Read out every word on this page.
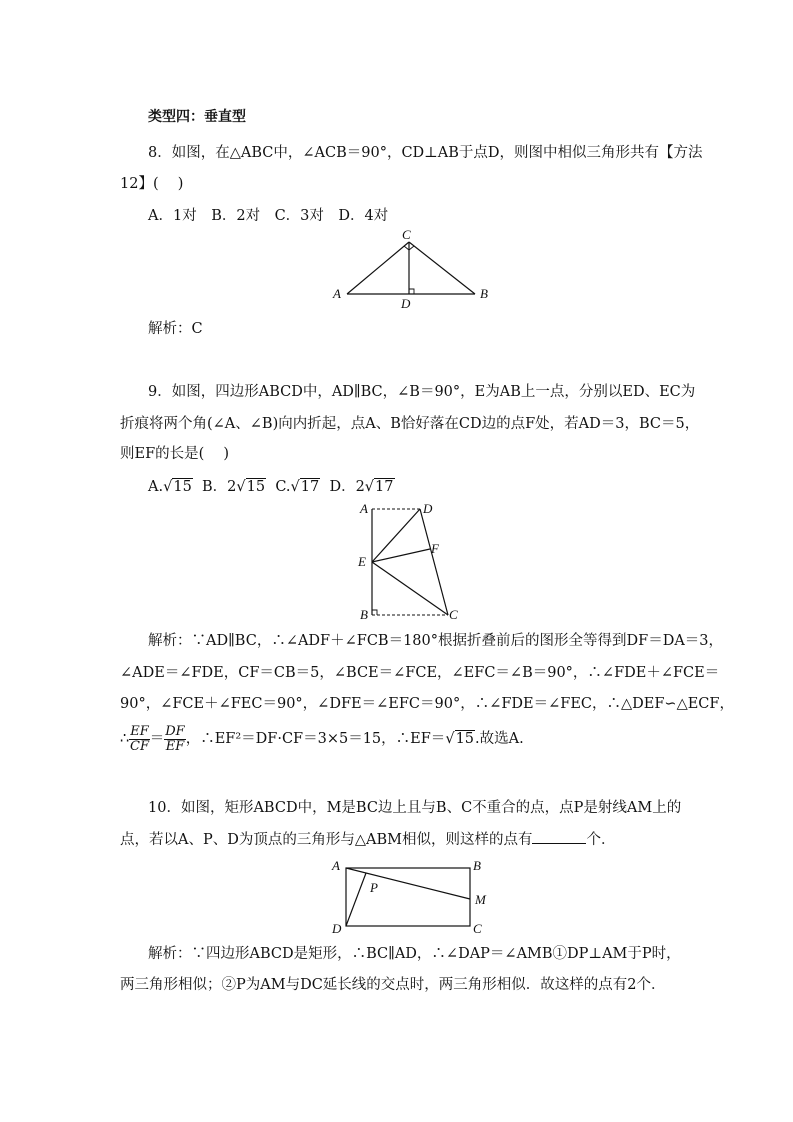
类型四：垂直型
8．如图，在△ABC中，∠ACB＝90°，CD⊥AB于点D，则图中相似三角形共有【方法
12】(　 )
A．1对　B．2对　C．3对　D．4对
C
A	B
D
解析：C
9．如图，四边形ABCD中，AD∥BC，∠B＝90°，E为AB上一点，分别以ED、EC为
折痕将两个角(∠A、∠B)向内折起，点A、B恰好落在CD边的点F处，若AD＝3，BC＝5，
则EF的长是(　 )
A.√15 B．2√15 C.√17 D．2√17
A	D
F
E
B	C
解析：∵AD∥BC，∴∠ADF＋∠FCB＝180°根据折叠前后的图形全等得到DF＝DA＝3，
∠ADE＝∠FDE，CF＝CB＝5，∠BCE＝∠FCE，∠EFC＝∠B＝90°，∴∠FDE＋∠FCE＝
90°，∠FCE＋∠FEC＝90°，∠DFE＝∠EFC＝90°，∴∠FDE＝∠FEC，∴△DEF∽△ECF，
∴ $\frac{EF}{CF} = \frac{DF}{EF}$ ，∴EF²＝DF·CF＝3×5＝15，∴EF＝√15.故选A.
10．如图，矩形ABCD中，M是BC边上且与B、C不重合的点，点P是射线AM上的
点，若以A、P、D为顶点的三角形与△ABM相似，则这样的点有	个．
A	B
P
M
D	C
解析：∵四边形ABCD是矩形，∴BC∥AD，∴∠DAP＝∠AMB①DP⊥AM于P时，
两三角形相似；②P为AM与DC延长线的交点时，两三角形相似．故这样的点有2个．
